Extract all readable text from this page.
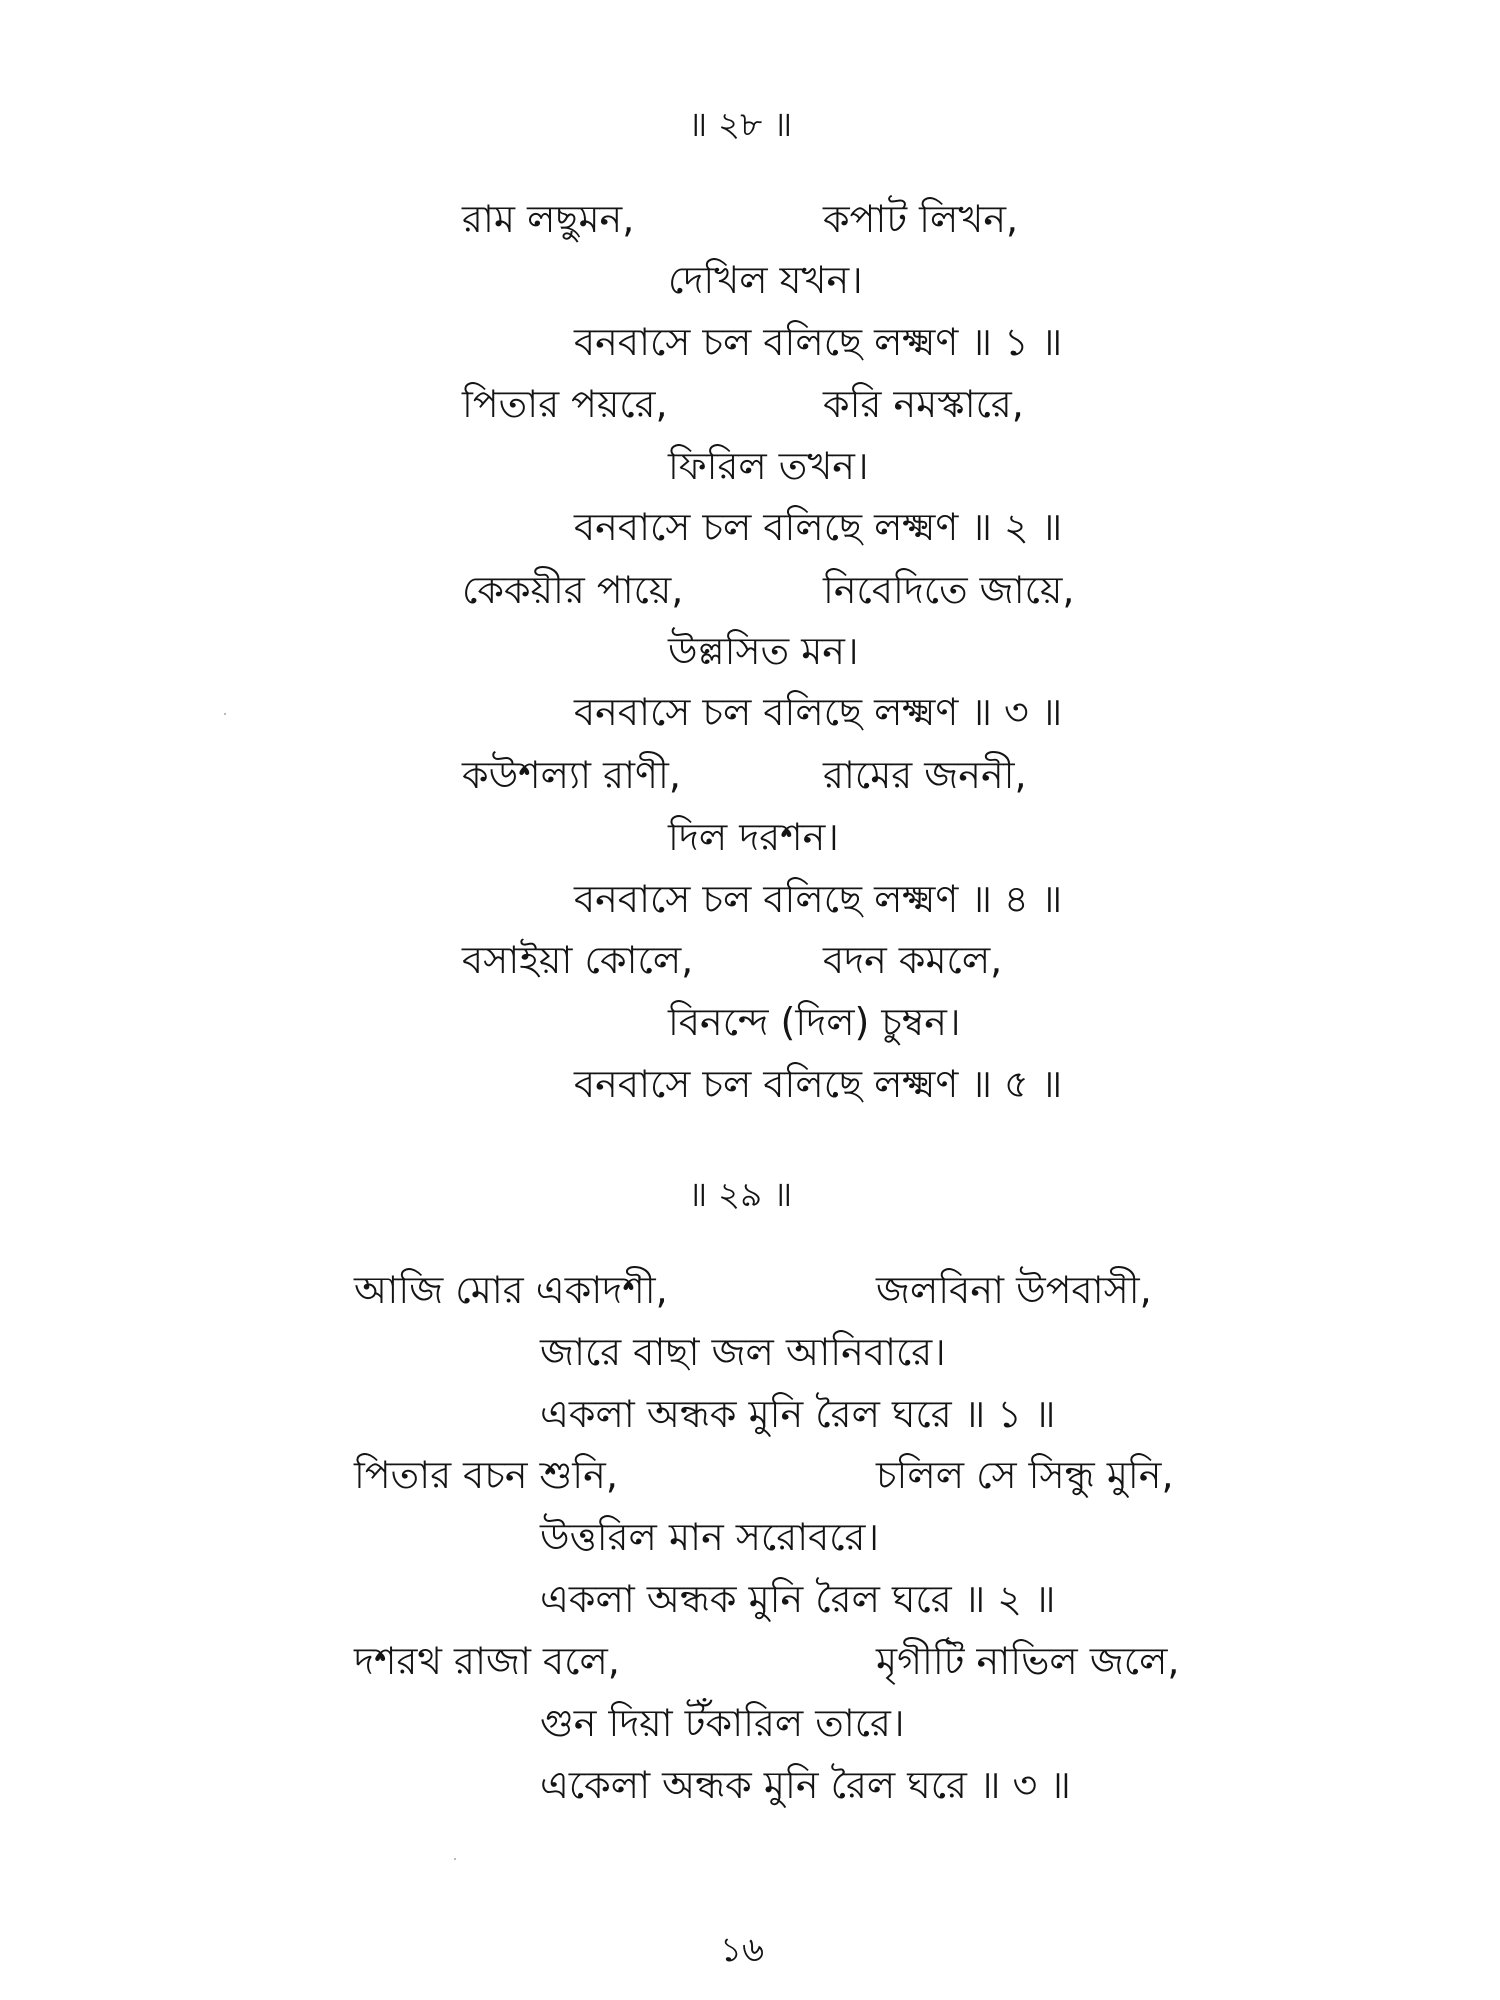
॥ ২৮ ॥
রাম লছুমন,	কপাট লিখন,
দেখিল যখন।
বনবাসে চল বলিছে লক্ষ্মণ ॥ ১ ॥
পিতার পয়রে,	করি নমস্কারে,
ফিরিল তখন।
বনবাসে চল বলিছে লক্ষ্মণ ॥ ২ ॥
কেকয়ীর পায়ে,	নিবেদিতে জায়ে,
উল্লসিত মন।
বনবাসে চল বলিছে লক্ষ্মণ ॥ ৩ ॥
কউশল্যা রাণী,	রামের জননী,
দিল দরশন।
বনবাসে চল বলিছে লক্ষ্মণ ॥ ৪ ॥
বসাইয়া কোলে,	বদন কমলে,
বিনন্দে (দিল) চুম্বন।
বনবাসে চল বলিছে লক্ষ্মণ ॥ ৫ ॥
॥ ২৯ ॥
আজি মোর একাদশী,	জলবিনা উপবাসী,
জারে বাছা জল আনিবারে।
একলা অন্ধক মুনি রৈল ঘরে ॥ ১ ॥
পিতার বচন শুনি,	চলিল সে সিন্ধু মুনি,
উত্তরিল মান সরোবরে।
একলা অন্ধক মুনি রৈল ঘরে ॥ ২ ॥
দশরথ রাজা বলে,	মৃগীটি নাভিল জলে,
গুন দিয়া টঁকারিল তারে।
একেলা অন্ধক মুনি রৈল ঘরে ॥ ৩ ॥
১৬
